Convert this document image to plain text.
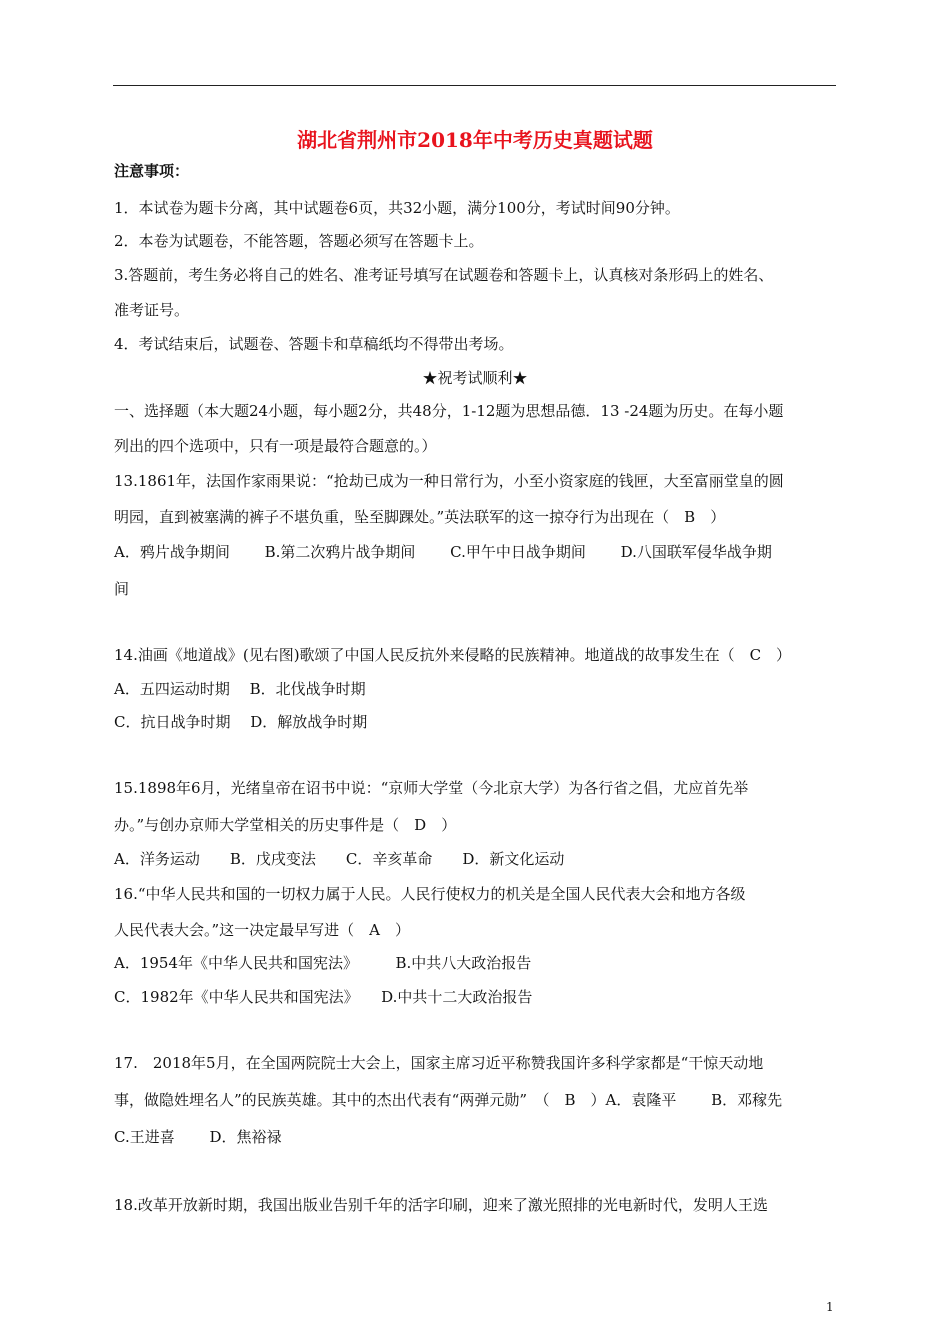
湖北省荆州市2018年中考历史真题试题
注意事项：
1．本试卷为题卡分离，其中试题卷6页，共32小题，满分100分，考试时间90分钟。
2．本卷为试题卷，不能答题，答题必须写在答题卡上。
3.答题前，考生务必将自己的姓名、准考证号填写在试题卷和答题卡上，认真核对条形码上的姓名、
准考证号。
4．考试结束后，试题卷、答题卡和草稿纸均不得带出考场。
★祝考试顺利★
一、选择题（本大题24小题，每小题2分，共48分，1-12题为思想品德．13 -24题为历史。在每小题
列出的四个选项中，只有一项是最符合题意的。）
13.1861年，法国作家雨果说：“抢劫已成为一种日常行为，小至小资家庭的钱匣，大至富丽堂皇的圆
明园，直到被塞满的裤子不堪负重，坠至脚踝处。”英法联军的这一掠夺行为出现在（　B　）
A．鸦片战争期间　　 B.第二次鸦片战争期间　　 C.甲午中日战争期间　　 D.八国联军侵华战争期
间
14.油画《地道战》(见右图)歌颂了中国人民反抗外来侵略的民族精神。地道战的故事发生在（　C　）
A．五四运动时期　 B．北伐战争时期
C．抗日战争时期　 D．解放战争时期
15.1898年6月，光绪皇帝在诏书中说：“京师大学堂（今北京大学）为各行省之倡，尤应首先举
办。”与创办京师大学堂相关的历史事件是（　D　）
A．洋务运动　　B．戊戌变法　　C．辛亥革命　　D．新文化运动
16.“中华人民共和国的一切权力属于人民。人民行使权力的机关是全国人民代表大会和地方各级
人民代表大会。”这一决定最早写进（　A　）
A．1954年《中华人民共和国宪法》　　　B.中共八大政治报告
C．1982年《中华人民共和国宪法》　　D.中共十二大政治报告
17.　2018年5月，在全国两院院士大会上，国家主席习近平称赞我国许多科学家都是“干惊天动地
事，做隐姓埋名人”的民族英雄。其中的杰出代表有“两弹元勋”　（　B　）A．袁隆平　　 B．邓稼先
C.王进喜　　 D．焦裕禄
18.改革开放新时期，我国出版业告别千年的活字印刷，迎来了激光照排的光电新时代，发明人王选
1
